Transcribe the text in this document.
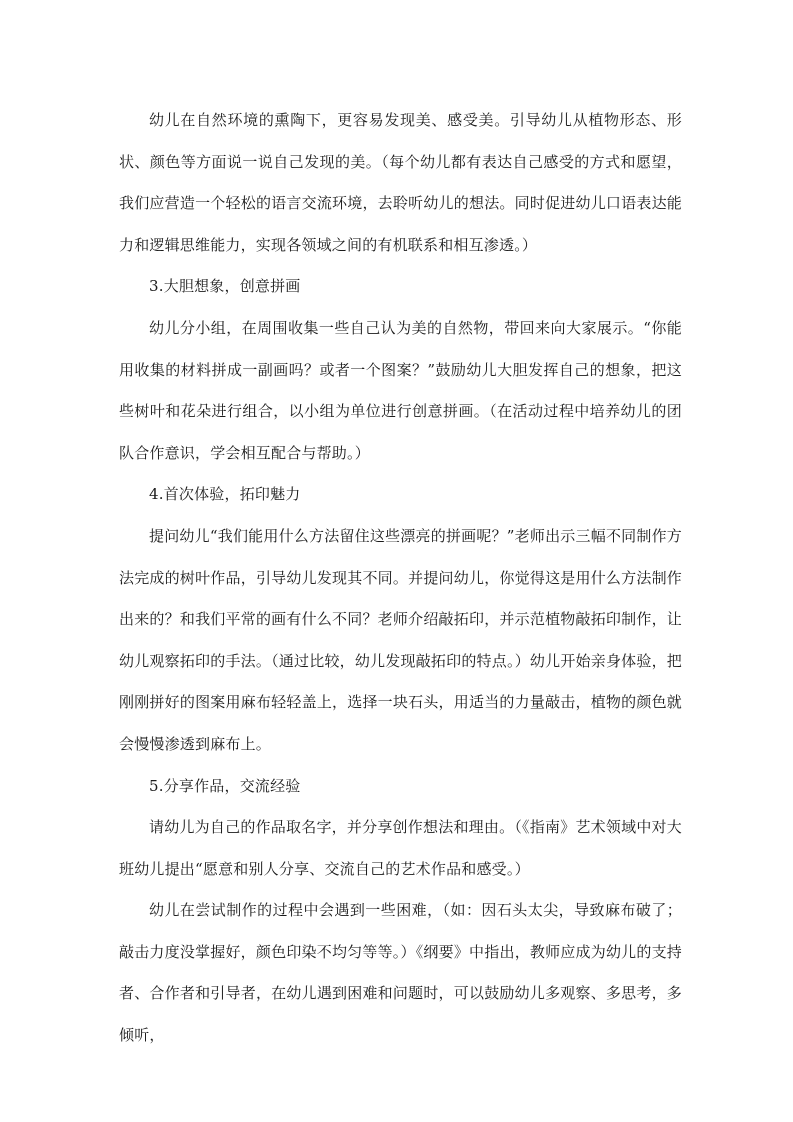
幼儿在自然环境的熏陶下，更容易发现美、感受美。引导幼儿从植物形态、形状、颜色等方面说一说自己发现的美。（每个幼儿都有表达自己感受的方式和愿望，我们应营造一个轻松的语言交流环境，去聆听幼儿的想法。同时促进幼儿口语表达能力和逻辑思维能力，实现各领域之间的有机联系和相互渗透。）

3.大胆想象，创意拼画

幼儿分小组，在周围收集一些自己认为美的自然物，带回来向大家展示。“你能用收集的材料拼成一副画吗？或者一个图案？”鼓励幼儿大胆发挥自己的想象，把这些树叶和花朵进行组合，以小组为单位进行创意拼画。（在活动过程中培养幼儿的团队合作意识，学会相互配合与帮助。）

4.首次体验，拓印魅力

提问幼儿“我们能用什么方法留住这些漂亮的拼画呢？”老师出示三幅不同制作方法完成的树叶作品，引导幼儿发现其不同。并提问幼儿，你觉得这是用什么方法制作出来的？和我们平常的画有什么不同？老师介绍敲拓印，并示范植物敲拓印制作，让幼儿观察拓印的手法。（通过比较，幼儿发现敲拓印的特点。）幼儿开始亲身体验，把刚刚拼好的图案用麻布轻轻盖上，选择一块石头，用适当的力量敲击，植物的颜色就会慢慢渗透到麻布上。

5.分享作品，交流经验

请幼儿为自己的作品取名字，并分享创作想法和理由。（《指南》艺术领域中对大班幼儿提出“愿意和别人分享、交流自己的艺术作品和感受。）

幼儿在尝试制作的过程中会遇到一些困难，（如：因石头太尖，导致麻布破了；敲击力度没掌握好，颜色印染不均匀等等。）《纲要》中指出，教师应成为幼儿的支持者、合作者和引导者，在幼儿遇到困难和问题时，可以鼓励幼儿多观察、多思考，多倾听，
